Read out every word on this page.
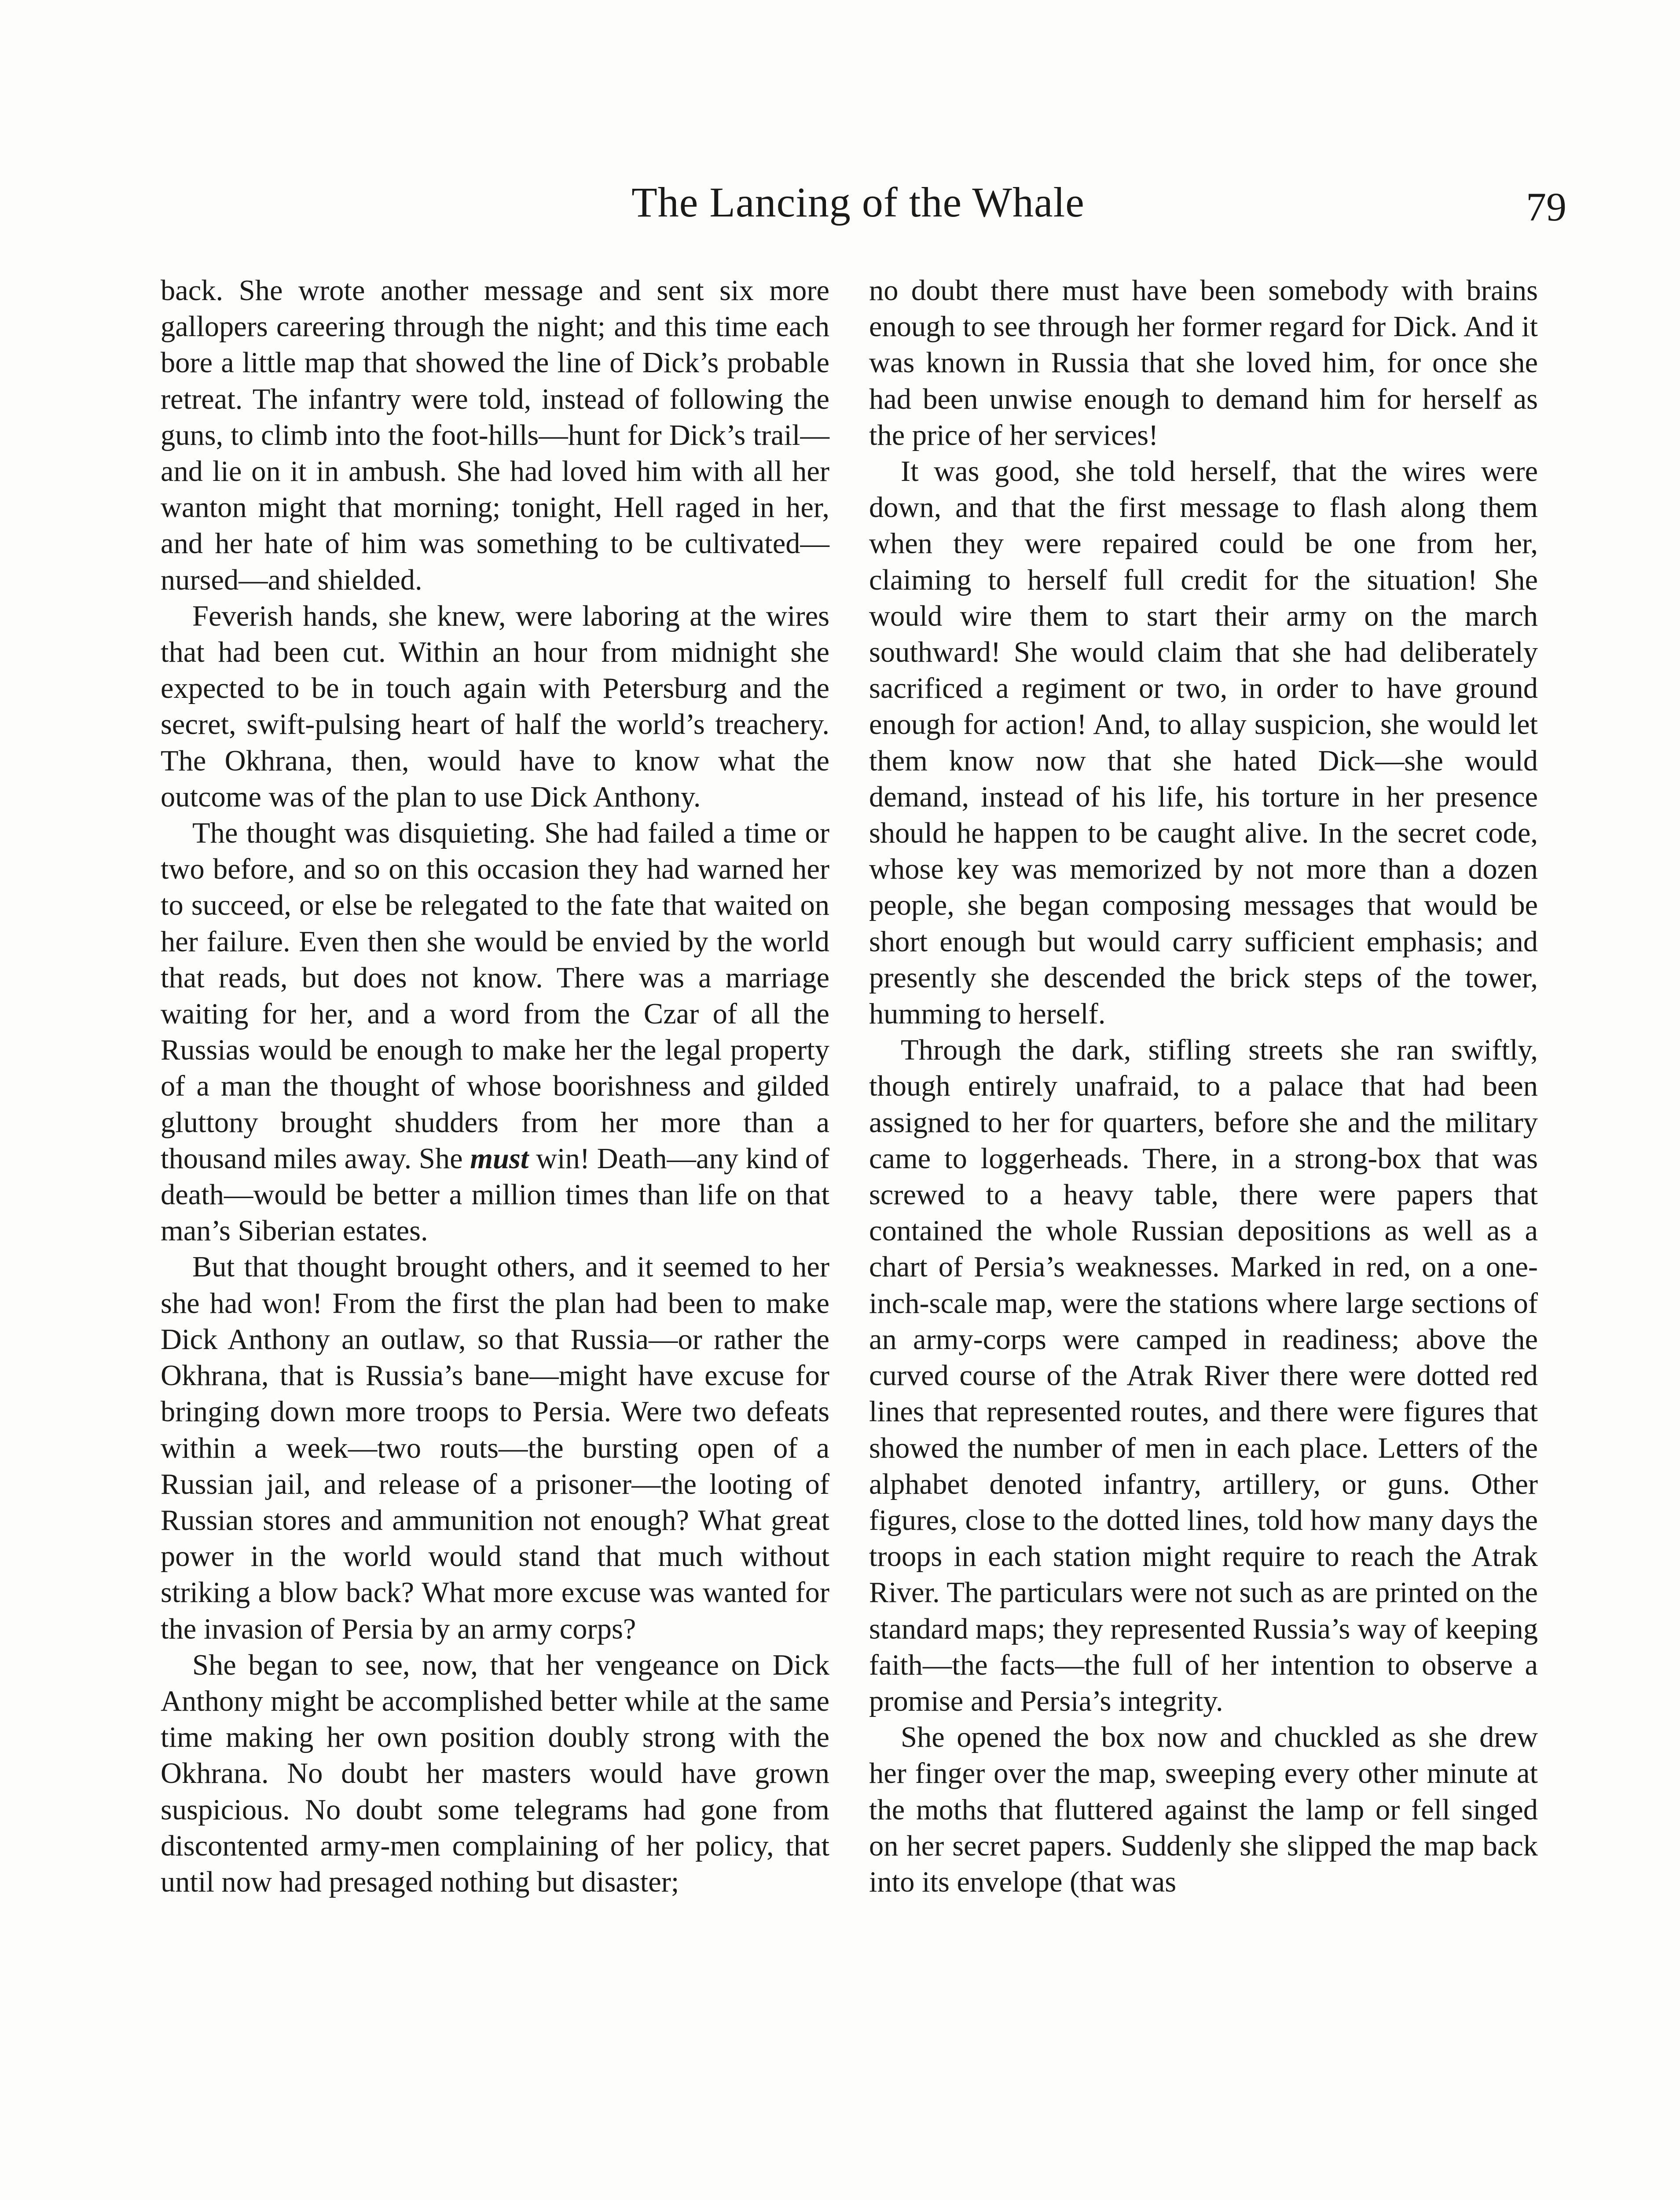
The Lancing of the Whale	79

back. She wrote another message and sent six more gallopers careering through the night; and this time each bore a little map that showed the line of Dick’s probable retreat. The infantry were told, instead of following the guns, to climb into the foot-hills—hunt for Dick’s trail—and lie on it in ambush. She had loved him with all her wanton might that morning; tonight, Hell raged in her, and her hate of him was something to be cultivated—nursed—and shielded.

Feverish hands, she knew, were laboring at the wires that had been cut. Within an hour from midnight she expected to be in touch again with Petersburg and the secret, swift-pulsing heart of half the world’s treachery. The Okhrana, then, would have to know what the outcome was of the plan to use Dick Anthony.

The thought was disquieting. She had failed a time or two before, and so on this occasion they had warned her to succeed, or else be relegated to the fate that waited on her failure. Even then she would be envied by the world that reads, but does not know. There was a marriage waiting for her, and a word from the Czar of all the Russias would be enough to make her the legal property of a man the thought of whose boorishness and gilded gluttony brought shudders from her more than a thousand miles away. She must win! Death—any kind of death—would be better a million times than life on that man’s Siberian estates.

But that thought brought others, and it seemed to her she had won! From the first the plan had been to make Dick Anthony an outlaw, so that Russia—or rather the Okhrana, that is Russia’s bane—might have excuse for bringing down more troops to Persia. Were two defeats within a week—two routs—the bursting open of a Russian jail, and release of a prisoner—the looting of Russian stores and ammunition not enough? What great power in the world would stand that much without striking a blow back? What more excuse was wanted for the invasion of Persia by an army corps?

She began to see, now, that her vengeance on Dick Anthony might be accomplished better while at the same time making her own position doubly strong with the Okhrana. No doubt her masters would have grown suspicious. No doubt some telegrams had gone from discontented army-men complaining of her policy, that until now had presaged nothing but disaster;

no doubt there must have been somebody with brains enough to see through her former regard for Dick. And it was known in Russia that she loved him, for once she had been unwise enough to demand him for herself as the price of her services!

It was good, she told herself, that the wires were down, and that the first message to flash along them when they were repaired could be one from her, claiming to herself full credit for the situation! She would wire them to start their army on the march southward! She would claim that she had deliberately sacrificed a regiment or two, in order to have ground enough for action! And, to allay suspicion, she would let them know now that she hated Dick—she would demand, instead of his life, his torture in her presence should he happen to be caught alive. In the secret code, whose key was memorized by not more than a dozen people, she began composing messages that would be short enough but would carry sufficient emphasis; and presently she descended the brick steps of the tower, humming to herself.

Through the dark, stifling streets she ran swiftly, though entirely unafraid, to a palace that had been assigned to her for quarters, before she and the military came to loggerheads. There, in a strong-box that was screwed to a heavy table, there were papers that contained the whole Russian depositions as well as a chart of Persia’s weaknesses. Marked in red, on a one-inch-scale map, were the stations where large sections of an army-corps were camped in readiness; above the curved course of the Atrak River there were dotted red lines that represented routes, and there were figures that showed the number of men in each place. Letters of the alphabet denoted infantry, artillery, or guns. Other figures, close to the dotted lines, told how many days the troops in each station might require to reach the Atrak River. The particulars were not such as are printed on the standard maps; they represented Russia’s way of keeping faith—the facts—the full of her intention to observe a promise and Persia’s integrity.

She opened the box now and chuckled as she drew her finger over the map, sweeping every other minute at the moths that fluttered against the lamp or fell singed on her secret papers. Suddenly she slipped the map back into its envelope (that was
